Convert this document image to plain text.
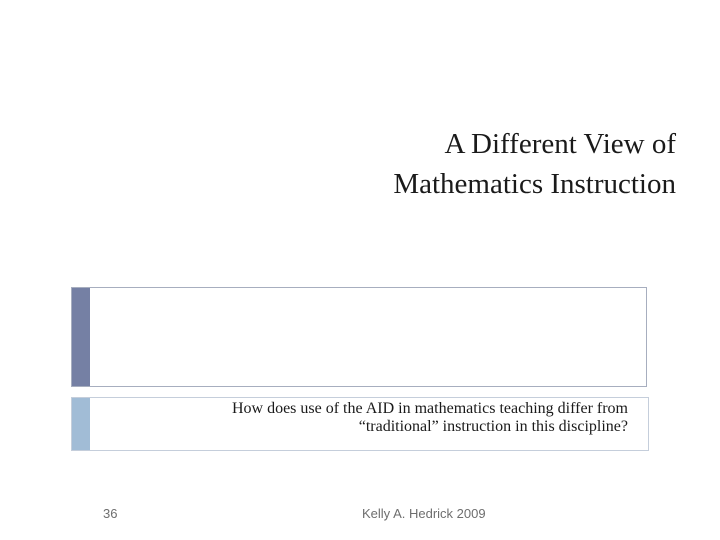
A Different View of
Mathematics Instruction
How does use of the AID in mathematics teaching differ from
“traditional” instruction in this discipline?
36	Kelly A. Hedrick 2009
